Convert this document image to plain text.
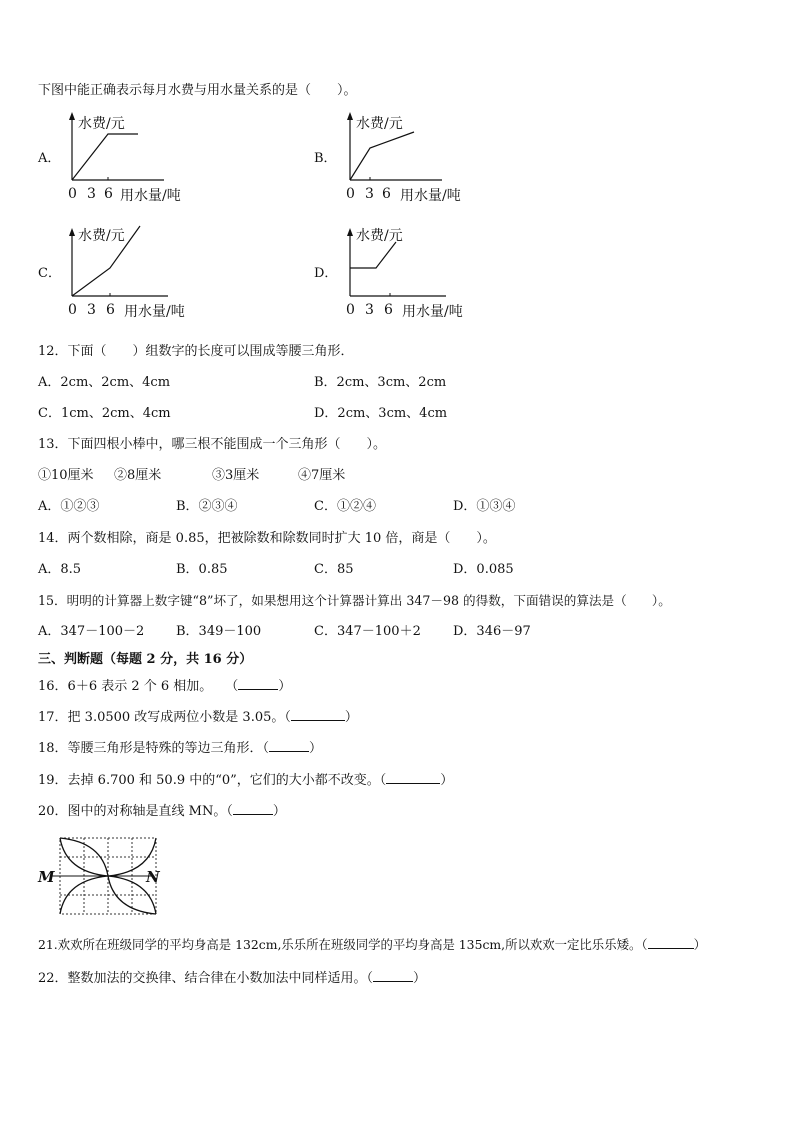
下图中能正确表示每月水费与用水量关系的是（　　）。
A．
水费/元
0 3 6 用水量/吨
B．
水费/元
0 3 6 用水量/吨
C．
水费/元
0 3 6 用水量/吨
D．
水费/元
0 3 6 用水量/吨
12．下面（　　）组数字的长度可以围成等腰三角形．
A．2cm、2cm、4cm	B．2cm、3cm、2cm
C．1cm、2cm、4cm	D．2cm、3cm、4cm
13．下面四根小棒中，哪三根不能围成一个三角形（　　）。
①10厘米 ②8厘米	③3厘米	④7厘米
A．①②③	B．②③④	C．①②④	D．①③④
14．两个数相除，商是 0.85，把被除数和除数同时扩大 10 倍，商是（　　）。
A．8.5	B．0.85	C．85	D．0.085
15．明明的计算器上数字键“8”坏了，如果想用这个计算器计算出 347－98 的得数，下面错误的算法是（　　）。
A．347－100－2 B．349－100	C．347－100＋2 D．346－97
三、判断题（每题 2 分，共 16 分）
16．6＋6 表示 2 个 6 相加。　　（	）
17．把 3.0500 改写成两位小数是 3.05。（	）
18．等腰三角形是特殊的等边三角形．（	）
19．去掉 6.700 和 50.9 中的“0”，它们的大小都不改变。（	）
20．图中的对称轴是直线 MN。（	）
M	N
21.欢欢所在班级同学的平均身高是 132cm,乐乐所在班级同学的平均身高是 135cm,所以欢欢一定比乐乐矮。（	）
22．整数加法的交换律、结合律在小数加法中同样适用。（	）
